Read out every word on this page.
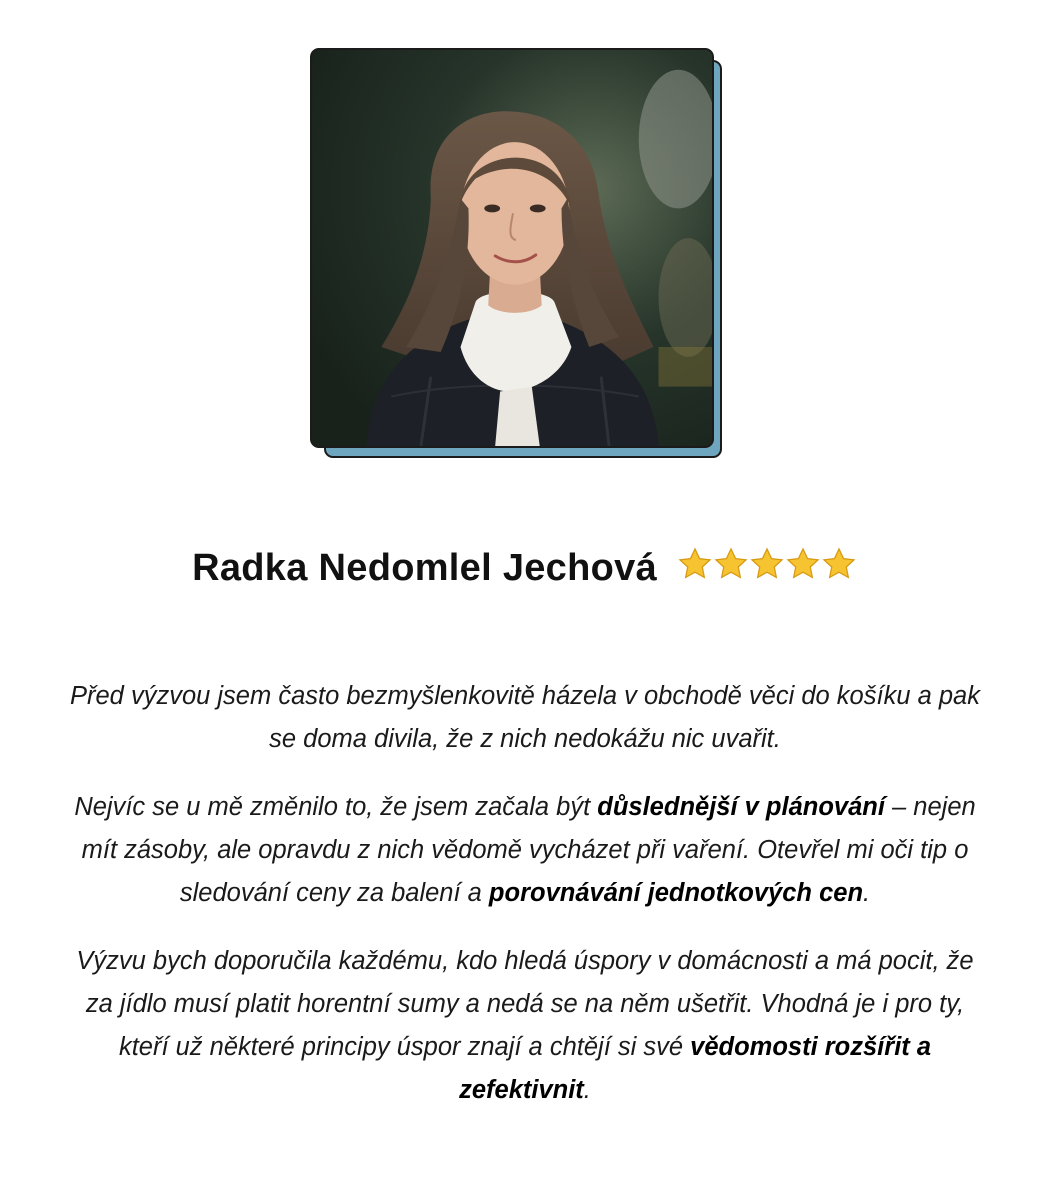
Radka Nedomlel Jechová

Před výzvou jsem často bezmyšlenkovitě házela v obchodě věci do košíku a pak se doma divila, že z nich nedokážu nic uvařit.

Nejvíc se u mě změnilo to, že jsem začala být důslednější v plánování – nejen mít zásoby, ale opravdu z nich vědomě vycházet při vaření. Otevřel mi oči tip o sledování ceny za balení a porovnávání jednotkových cen.

Výzvu bych doporučila každému, kdo hledá úspory v domácnosti a má pocit, že za jídlo musí platit horentní sumy a nedá se na něm ušetřit. Vhodná je i pro ty, kteří už některé principy úspor znají a chtějí si své vědomosti rozšířit a zefektivnit.
